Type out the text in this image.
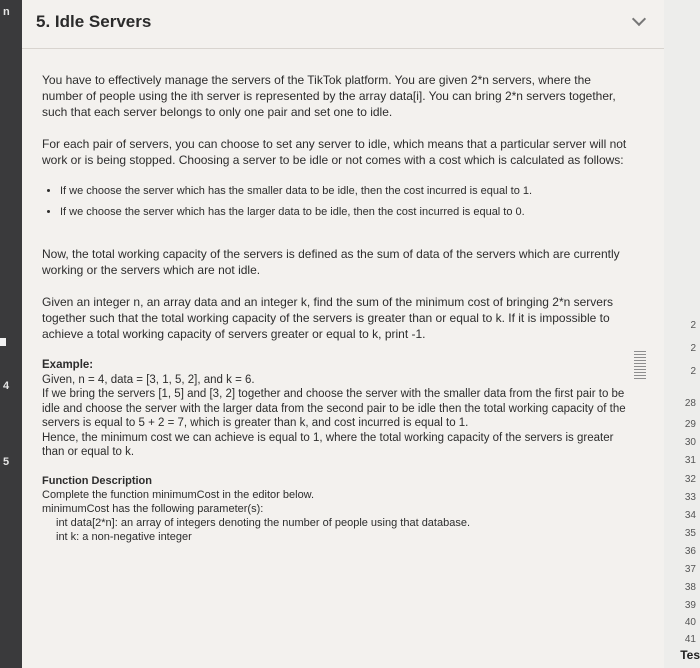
n
4
5
5. Idle Servers

You have to effectively manage the servers of the TikTok platform. You are given 2*n servers, where the number of people using the ith server is represented by the array data[i]. You can bring 2*n servers together, such that each server belongs to only one pair and set one to idle.

For each pair of servers, you can choose to set any server to idle, which means that a particular server will not work or is being stopped. Choosing a server to be idle or not comes with a cost which is calculated as follows:

• If we choose the server which has the smaller data to be idle, then the cost incurred is equal to 1.
• If we choose the server which has the larger data to be idle, then the cost incurred is equal to 0.

Now, the total working capacity of the servers is defined as the sum of data of the servers which are currently working or the servers which are not idle.

Given an integer n, an array data and an integer k, find the sum of the minimum cost of bringing 2*n servers together such that the total working capacity of the servers is greater than or equal to k. If it is impossible to achieve a total working capacity of servers greater or equal to k, print -1.

Example:
Given, n = 4, data = [3, 1, 5, 2], and k = 6.
If we bring the servers [1, 5] and [3, 2] together and choose the server with the smaller data from the first pair to be idle and choose the server with the larger data from the second pair to be idle then the total working capacity of the servers is equal to 5 + 2 = 7, which is greater than k, and cost incurred is equal to 1.
Hence, the minimum cost we can achieve is equal to 1, where the total working capacity of the servers is greater than or equal to k.
Function Description
Complete the function minimumCost in the editor below.
minimumCost has the following parameter(s):
int data[2*n]: an array of integers denoting the number of people using that database.
int k: a non-negative integer
2
2
2
28
29
30
31
32
33
34
35
36
37
38
39
40
41
Tes
